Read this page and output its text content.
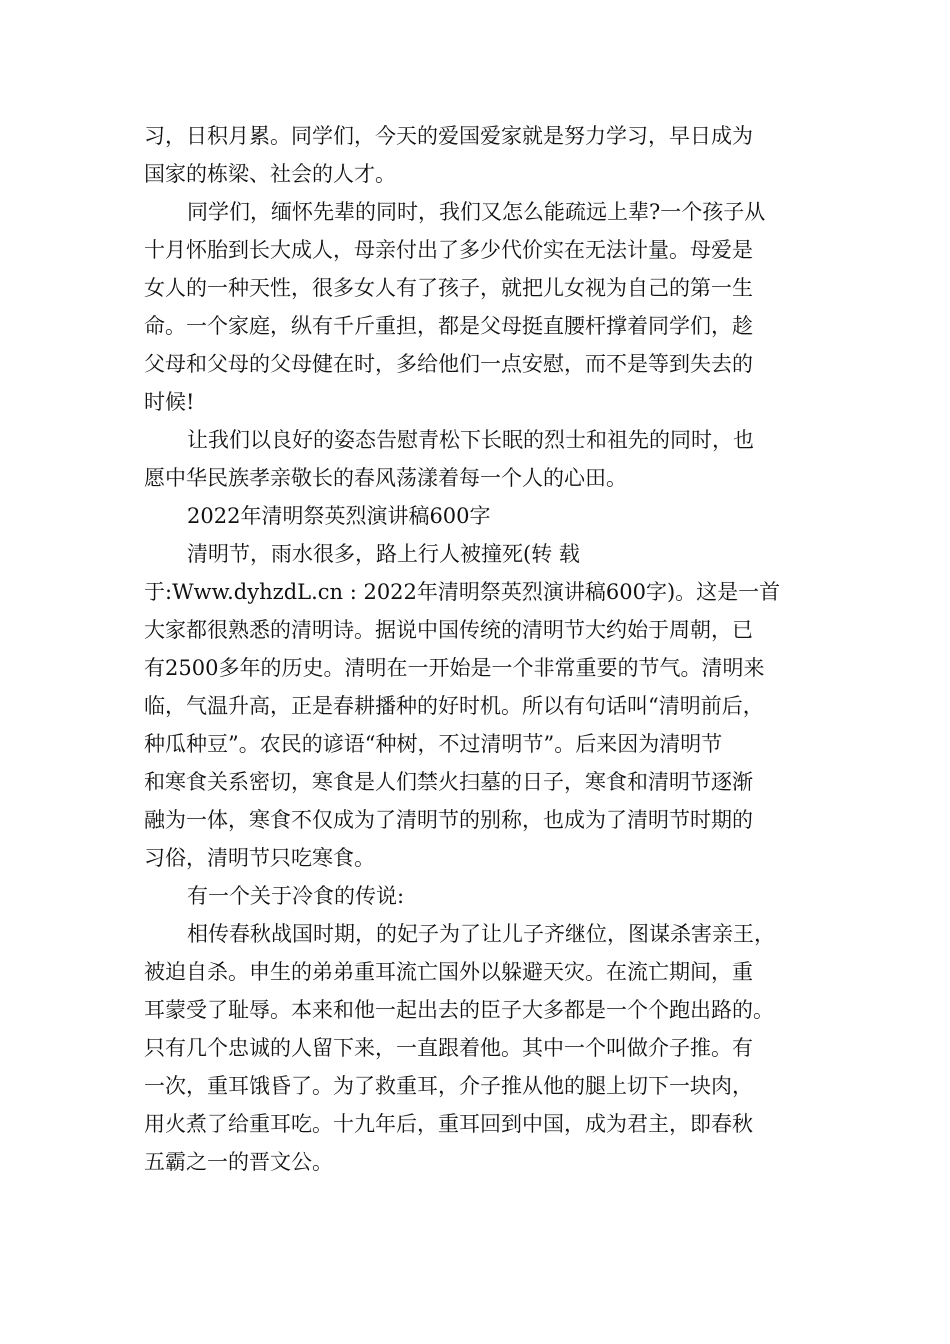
习，日积月累。同学们，今天的爱国爱家就是努力学习，早日成为
国家的栋梁、社会的人才。
同学们，缅怀先辈的同时，我们又怎么能疏远上辈?一个孩子从
十月怀胎到长大成人，母亲付出了多少代价实在无法计量。母爱是
女人的一种天性，很多女人有了孩子，就把儿女视为自己的第一生
命。一个家庭，纵有千斤重担，都是父母挺直腰杆撑着同学们，趁
父母和父母的父母健在时，多给他们一点安慰，而不是等到失去的
时候!
让我们以良好的姿态告慰青松下长眠的烈士和祖先的同时，也
愿中华民族孝亲敬长的春风荡漾着每一个人的心田。
2022年清明祭英烈演讲稿600字
清明节，雨水很多，路上行人被撞死(转 载
于:Www.dyhzdL.cn : 2022年清明祭英烈演讲稿600字)。这是一首
大家都很熟悉的清明诗。据说中国传统的清明节大约始于周朝，已
有2500多年的历史。清明在一开始是一个非常重要的节气。清明来
临，气温升高，正是春耕播种的好时机。所以有句话叫“清明前后，
种瓜种豆”。农民的谚语“种树，不过清明节”。后来因为清明节
和寒食关系密切，寒食是人们禁火扫墓的日子，寒食和清明节逐渐
融为一体，寒食不仅成为了清明节的别称，也成为了清明节时期的
习俗，清明节只吃寒食。
有一个关于冷食的传说:
相传春秋战国时期，的妃子为了让儿子齐继位，图谋杀害亲王，
被迫自杀。申生的弟弟重耳流亡国外以躲避天灾。在流亡期间，重
耳蒙受了耻辱。本来和他一起出去的臣子大多都是一个个跑出路的。
只有几个忠诚的人留下来，一直跟着他。其中一个叫做介子推。有
一次，重耳饿昏了。为了救重耳，介子推从他的腿上切下一块肉，
用火煮了给重耳吃。十九年后，重耳回到中国，成为君主，即春秋
五霸之一的晋文公。
